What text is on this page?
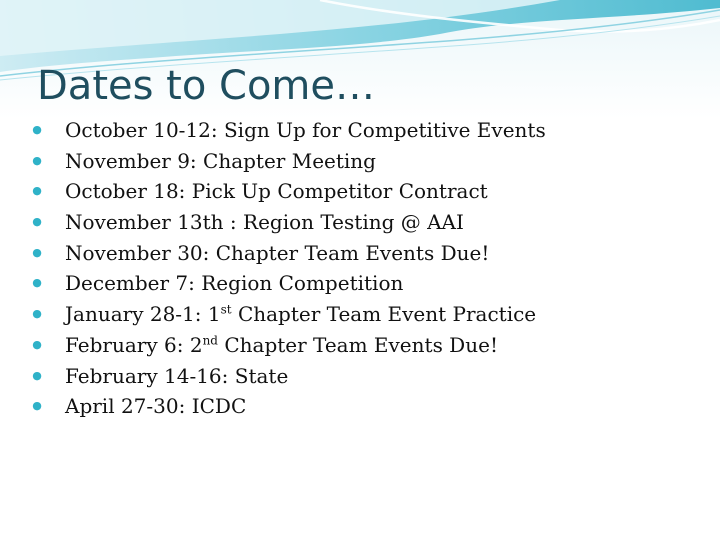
Dates to Come…
● October 10-12: Sign Up for Competitive Events
● November 9: Chapter Meeting
● October 18: Pick Up Competitor Contract
● November 13th : Region Testing @ AAI
● November 30: Chapter Team Events Due!
● December 7: Region Competition
● January 28-1: 1st Chapter Team Event Practice
● February 6: 2nd Chapter Team Events Due!
● February 14-16: State
● April 27-30: ICDC
